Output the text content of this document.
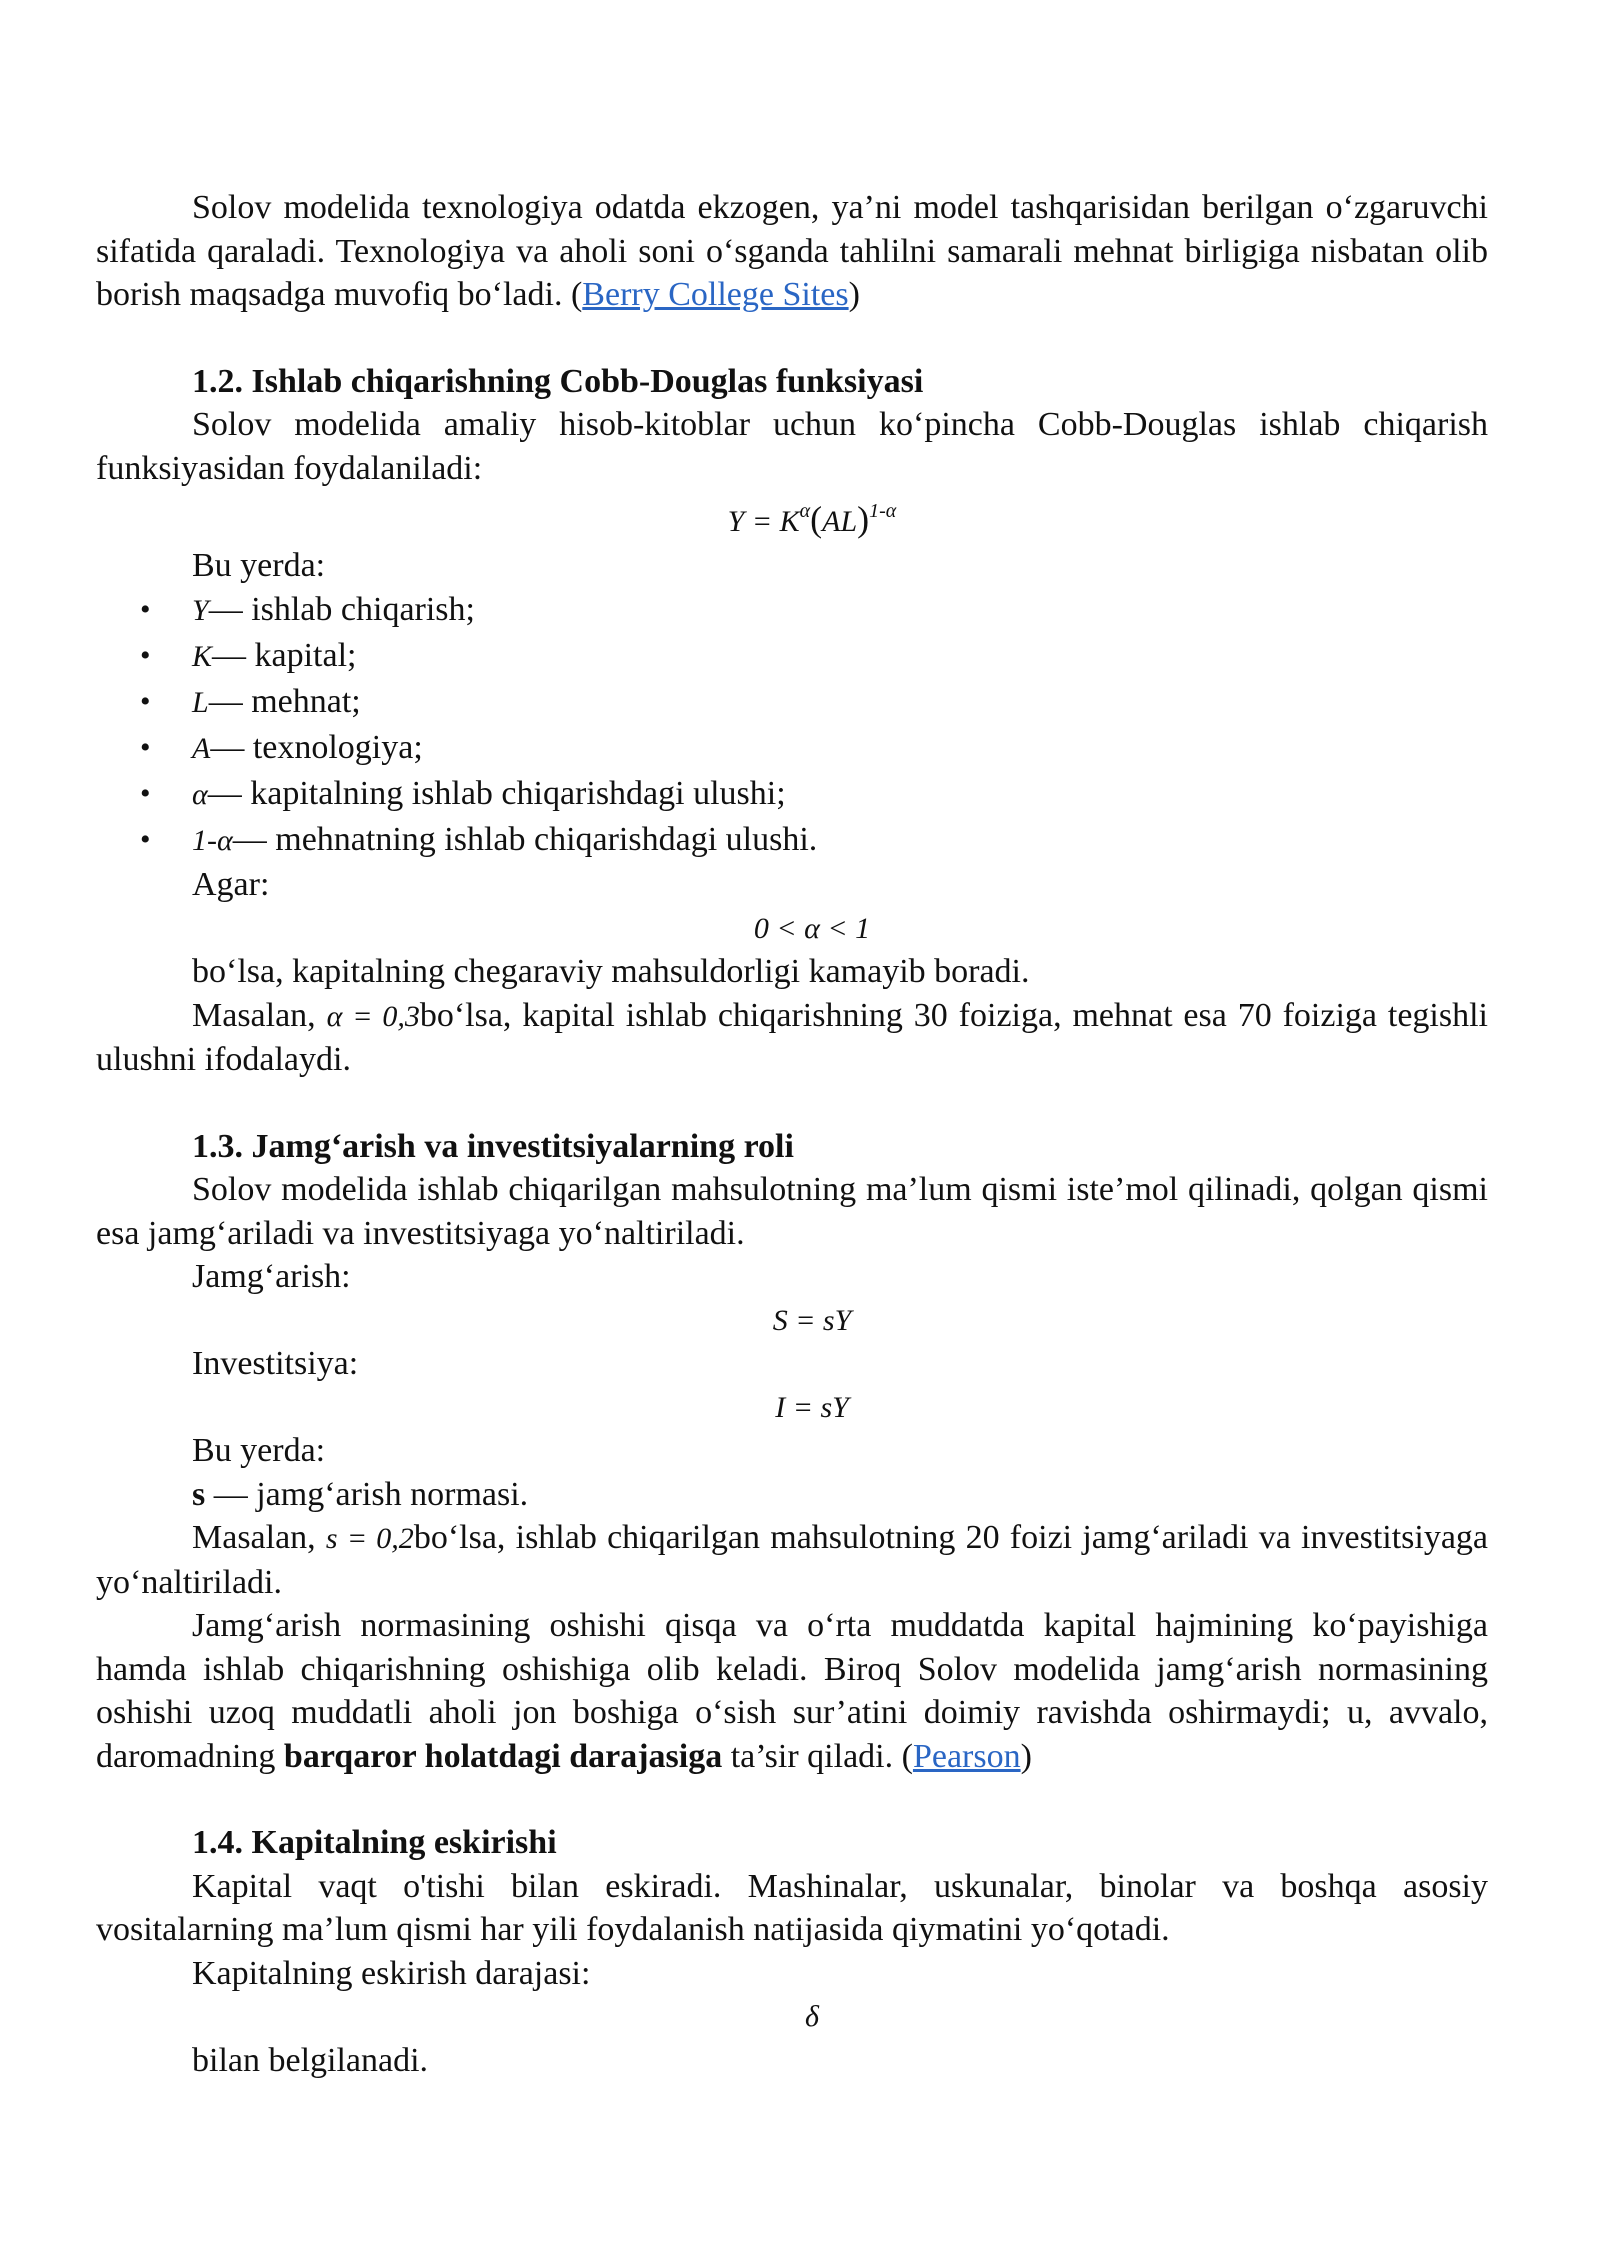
Solov modelida texnologiya odatda ekzogen, ya’ni model tashqarisidan berilgan o‘zgaruvchi sifatida qaraladi. Texnologiya va aholi soni o‘sganda tahlilni samarali mehnat birligiga nisbatan olib borish maqsadga muvofiq bo‘ladi. (Berry College Sites)

1.2. Ishlab chiqarishning Cobb-Douglas funksiyasi

Solov modelida amaliy hisob-kitoblar uchun ko‘pincha Cobb-Douglas ishlab chiqarish funksiyasidan foydalaniladi:

$Y = K^\alpha(AL)^{1-\alpha}$

Bu yerda:

• Y— ishlab chiqarish;
• K— kapital;
• L— mehnat;
• A— texnologiya;
• α— kapitalning ishlab chiqarishdagi ulushi;
• 1-α— mehnatning ishlab chiqarishdagi ulushi.

Agar:

0 < α < 1

bo‘lsa, kapitalning chegaraviy mahsuldorligi kamayib boradi.

Masalan, α = 0,3bo‘lsa, kapital ishlab chiqarishning 30 foiziga, mehnat esa 70 foiziga tegishli ulushni ifodalaydi.

1.3. Jamg‘arish va investitsiyalarning roli

Solov modelida ishlab chiqarilgan mahsulotning ma’lum qismi iste’mol qilinadi, qolgan qismi esa jamg‘ariladi va investitsiyaga yo‘naltiriladi.

Jamg‘arish:

S = sY

Investitsiya:

I = sY

Bu yerda:

s — jamg‘arish normasi.

Masalan, s = 0,2bo‘lsa, ishlab chiqarilgan mahsulotning 20 foizi jamg‘ariladi va investitsiyaga yo‘naltiriladi.

Jamg‘arish normasining oshishi qisqa va o‘rta muddatda kapital hajmining ko‘payishiga hamda ishlab chiqarishning oshishiga olib keladi. Biroq Solov modelida jamg‘arish normasining oshishi uzoq muddatli aholi jon boshiga o‘sish sur’atini doimiy ravishda oshirmaydi; u, avvalo, daromadning barqaror holatdagi darajasiga ta’sir qiladi. (Pearson)

1.4. Kapitalning eskirishi

Kapital vaqt o'tishi bilan eskiradi. Mashinalar, uskunalar, binolar va boshqa asosiy vositalarning ma’lum qismi har yili foydalanish natijasida qiymatini yo‘qotadi.

Kapitalning eskirish darajasi:

δ

bilan belgilanadi.
